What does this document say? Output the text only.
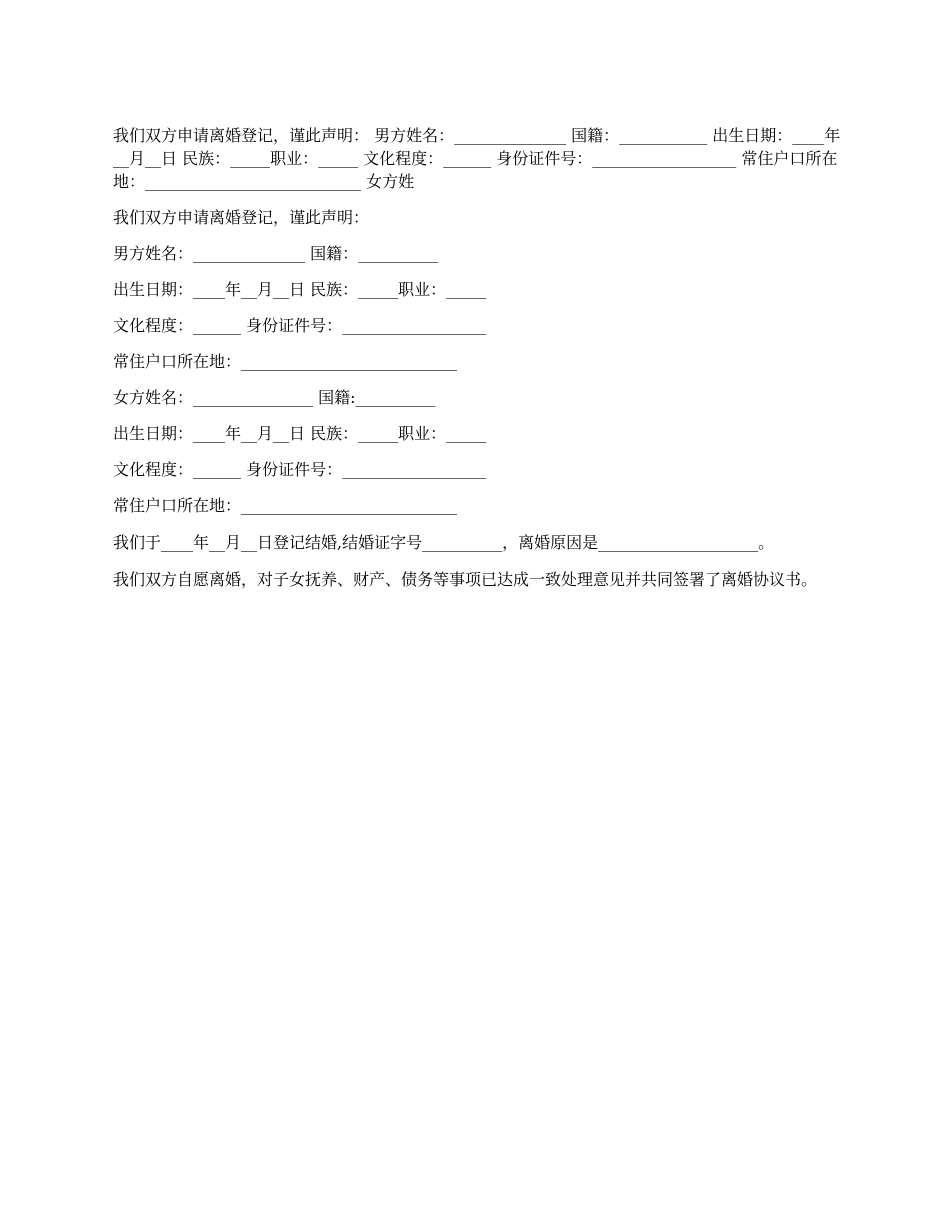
我们双方申请离婚登记，谨此声明： 男方姓名：______________ 国籍：___________ 出生日期：____年__月__日 民族：_____职业：_____ 文化程度：______ 身份证件号：__________________ 常住户口所在地：___________________________ 女方姓
我们双方申请离婚登记，谨此声明：
男方姓名：______________ 国籍：__________
出生日期：____年__月__日 民族：_____职业：_____
文化程度：______ 身份证件号：__________________
常住户口所在地：___________________________
女方姓名：_______________ 国籍:__________
出生日期：____年__月__日 民族：_____职业：_____
文化程度：______ 身份证件号：__________________
常住户口所在地：___________________________
我们于____年__月__日登记结婚,结婚证字号__________，离婚原因是____________________。
我们双方自愿离婚，对子女抚养、财产、债务等事项已达成一致处理意见并共同签署了离婚协议书。
